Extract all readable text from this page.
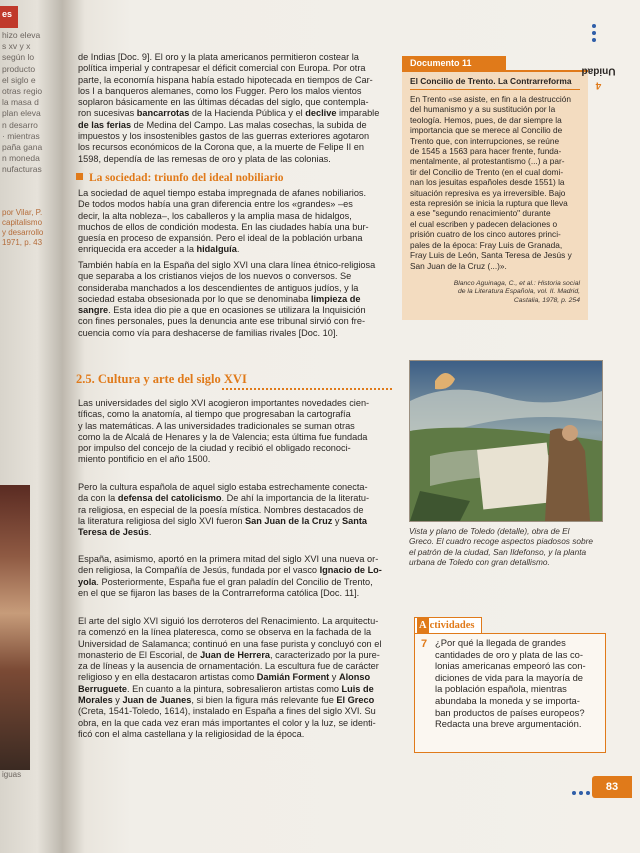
es
hizo eleva
s xv y x
según lo
producto
el siglo e
otras regio
la masa d
plan eleva
n desarro
· mientras
paña gana
n moneda
nufacturas
por Vilar, P.
capitalismo
y desarrollo
1971, p. 43
iguas

de Indias [Doc. 9]. El oro y la plata americanos permitieron costear la
política imperial y contrapesar el déficit comercial con Europa. Por otra
parte, la economía hispana había estado hipotecada en tiempos de Car-
los I a banqueros alemanes, como los Fugger. Pero los malos vientos
soplaron básicamente en las últimas décadas del siglo, que contempla-
ron sucesivas bancarrotas de la Hacienda Pública y el declive imparable
de las ferias de Medina del Campo. Las malas cosechas, la subida de
impuestos y los insostenibles gastos de las guerras exteriores agotaron
los recursos económicos de la Corona que, a la muerte de Felipe II en
1598, dependía de las remesas de oro y plata de las colonias.

La sociedad: triunfo del ideal nobiliario

La sociedad de aquel tiempo estaba impregnada de afanes nobiliarios.
De todos modos había una gran diferencia entre los «grandes» –es
decir, la alta nobleza–, los caballeros y la amplia masa de hidalgos,
muchos de ellos de condición modesta. En las ciudades había una bur-
guesía en proceso de expansión. Pero el ideal de la población urbana
enriquecida era acceder a la hidalguía.

También había en la España del siglo XVI una clara línea étnico-religiosa
que separaba a los cristianos viejos de los nuevos o conversos. Se
consideraba manchados a los descendientes de antiguos judíos, y la
sociedad estaba obsesionada por lo que se denominaba limpieza de
sangre. Esta idea dio pie a que en ocasiones se utilizara la Inquisición
con fines personales, pues la denuncia ante ese tribunal sirvió con fre-
cuencia como vía para deshacerse de familias rivales [Doc. 10].

2.5. Cultura y arte del siglo XVI

Las universidades del siglo XVI acogieron importantes novedades cien-
tíficas, como la anatomía, al tiempo que progresaban la cartografía
y las matemáticas. A las universidades tradicionales se suman otras
como la de Alcalá de Henares y la de Valencia; esta última fue fundada
por impulso del concejo de la ciudad y recibió el obligado reconoci-
miento pontificio en el año 1500.

Pero la cultura española de aquel siglo estaba estrechamente conecta-
da con la defensa del catolicismo. De ahí la importancia de la literatu-
ra religiosa, en especial de la poesía mística. Nombres destacados de
la literatura religiosa del siglo XVI fueron San Juan de la Cruz y Santa
Teresa de Jesús.

España, asimismo, aportó en la primera mitad del siglo XVI una nueva or-
den religiosa, la Compañía de Jesús, fundada por el vasco Ignacio de Lo-
yola. Posteriormente, España fue el gran paladín del Concilio de Trento,
en el que se fijaron las bases de la Contrarreforma católica [Doc. 11].

El arte del siglo XVI siguió los derroteros del Renacimiento. La arquitectu-
ra comenzó en la línea plateresca, como se observa en la fachada de la
Universidad de Salamanca; continuó en una fase purista y concluyó con el
monasterio de El Escorial, de Juan de Herrera, caracterizado por la pure-
za de líneas y la ausencia de ornamentación. La escultura fue de carácter
religioso y en ella destacaron artistas como Damián Forment y Alonso
Berruguete. En cuanto a la pintura, sobresalieron artistas como Luis de
Morales y Juan de Juanes, si bien la figura más relevante fue El Greco
(Creta, 1541-Toledo, 1614), instalado en España a fines del siglo XVI. Su
obra, en la que cada vez eran más importantes el color y la luz, se identi-
ficó con el alma castellana y la religiosidad de la época.

Documento 11
El Concilio de Trento. La Contrarreforma
En Trento «se asiste, en fin a la destrucción
del humanismo y a su sustitución por la
teología. Hemos, pues, de dar siempre la
importancia que se merece al Concilio de
Trento que, con interrupciones, se reúne
de 1545 a 1563 para hacer frente, funda-
mentalmente, al protestantismo (...) a par-
tir del Concilio de Trento (en el cual domi-
nan los jesuitas españoles desde 1551) la
situación represiva es ya irreversible. Bajo
esta represión se inicia la ruptura que lleva
a ese "segundo renacimiento" durante
el cual escriben y padecen delaciones o
prisión cuatro de los cinco autores princi-
pales de la época: Fray Luis de Granada,
Fray Luis de León, Santa Teresa de Jesús y
San Juan de la Cruz (...)».
Blanco Aguinaga, C., et al.: Historia social
de la Literatura Española, vol. II. Madrid,
Castalia, 1978, p. 254
Unidad
4
Vista y plano de Toledo (detalle), obra de El
Greco. El cuadro recoge aspectos piadosos sobre
el patrón de la ciudad, San Ildefonso, y la planta
urbana de Toledo con gran detallismo.
A ctividades
7 ¿Por qué la llegada de grandes
cantidades de oro y plata de las co-
lonias americanas empeoró las con-
diciones de vida para la mayoría de
la población española, mientras
abundaba la moneda y se importa-
ban productos de países europeos?
Redacta una breve argumentación.
83
